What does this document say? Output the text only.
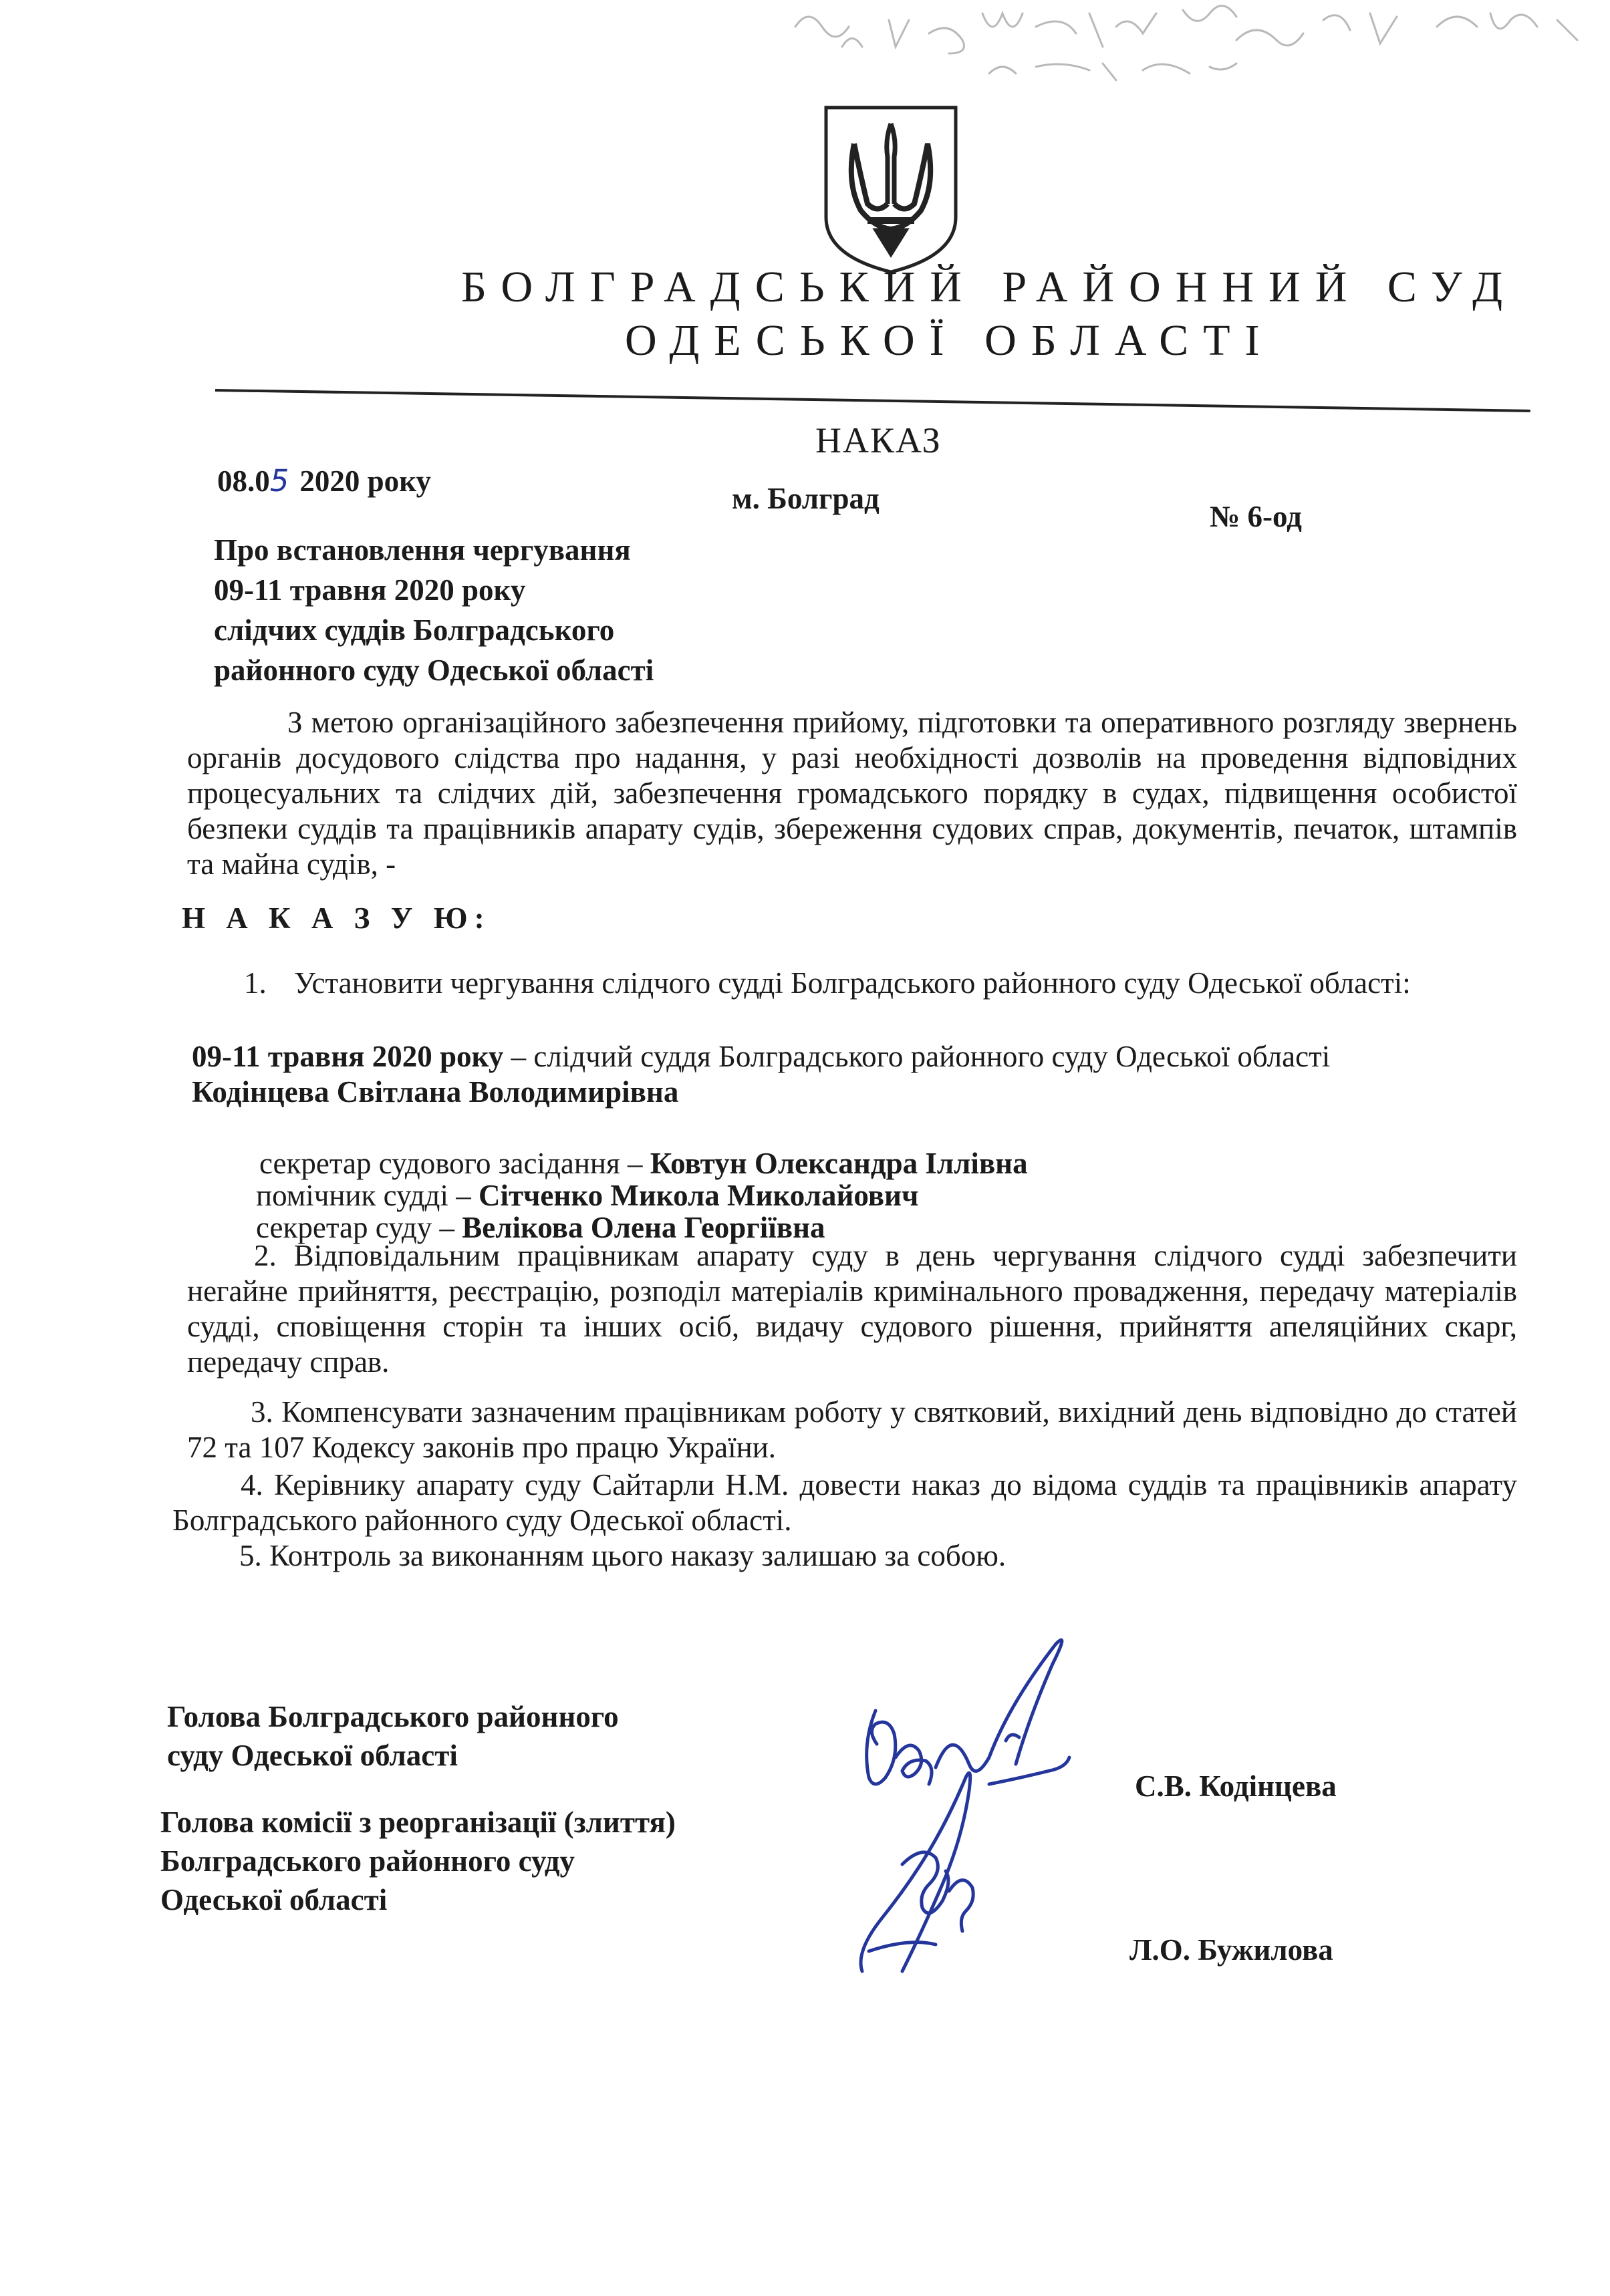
БОЛГРАДСЬКИЙ РАЙОННИЙ СУД
ОДЕСЬКОЇ ОБЛАСТІ
НАКАЗ
08.05 2020 року
м. Болград
№ 6-од
Про встановлення чергування
09-11 травня 2020 року
слідчих суддів Болградського
районного суду Одеської області
З метою організаційного забезпечення прийому, підготовки та оперативного розгляду звернень органів досудового слідства про надання, у разі необхідності дозволів на проведення відповідних процесуальних та слідчих дій, забезпечення громадського порядку в судах, підвищення особистої безпеки суддів та працівників апарату судів, збереження судових справ, документів, печаток, штампів та майна судів, -
Н А К А З У Ю:
1. Установити чергування слідчого судді Болградського районного суду Одеської області:
09-11 травня 2020 року – слідчий суддя Болградського районного суду Одеської області
Кодінцева Світлана Володимирівна
секретар судового засідання – Ковтун Олександра Іллівна
помічник судді – Сітченко Микола Миколайович
секретар суду – Велікова Олена Георгіївна
2. Відповідальним працівникам апарату суду в день чергування слідчого судді забезпечити негайне прийняття, реєстрацію, розподіл матеріалів кримінального провадження, передачу матеріалів судді, сповіщення сторін та інших осіб, видачу судового рішення, прийняття апеляційних скарг, передачу справ.
3. Компенсувати зазначеним працівникам роботу у святковий, вихідний день відповідно до статей 72 та 107 Кодексу законів про працю України.
4. Керівнику апарату суду Сайтарли Н.М. довести наказ до відома суддів та працівників апарату Болградського районного суду Одеської області.
5. Контроль за виконанням цього наказу залишаю за собою.
Голова Болградського районного
суду Одеської області
С.В. Кодінцева
Голова комісії з реорганізації (злиття)
Болградського районного суду
Одеської області
Л.О. Бужилова
